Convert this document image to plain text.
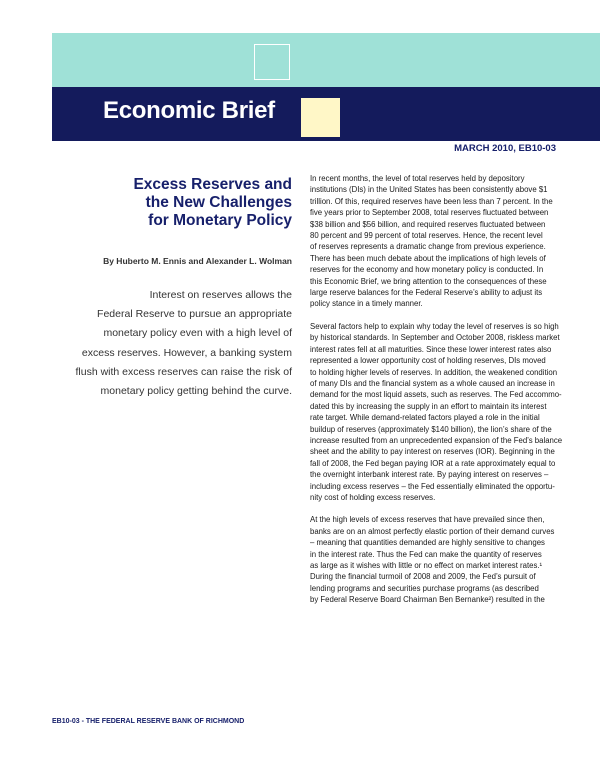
Economic Brief
MARCH 2010, EB10-03
Excess Reserves and
the New Challenges
for Monetary Policy
By Huberto M. Ennis and Alexander L. Wolman
Interest on reserves allows the
Federal Reserve to pursue an appropriate
monetary policy even with a high level of
excess reserves. However, a banking system
flush with excess reserves can raise the risk of
monetary policy getting behind the curve.
In recent months, the level of total reserves held by depository
institutions (DIs) in the United States has been consistently above $1
trillion. Of this, required reserves have been less than 7 percent. In the
five years prior to September 2008, total reserves fluctuated between
$38 billion and $56 billion, and required reserves fluctuated between
80 percent and 99 percent of total reserves. Hence, the recent level
of reserves represents a dramatic change from previous experience.
There has been much debate about the implications of high levels of
reserves for the economy and how monetary policy is conducted. In
this Economic Brief, we bring attention to the consequences of these
large reserve balances for the Federal Reserve’s ability to adjust its
policy stance in a timely manner.
Several factors help to explain why today the level of reserves is so high
by historical standards. In September and October 2008, riskless market
interest rates fell at all maturities. Since these lower interest rates also
represented a lower opportunity cost of holding reserves, DIs moved
to holding higher levels of reserves. In addition, the weakened condition
of many DIs and the financial system as a whole caused an increase in
demand for the most liquid assets, such as reserves. The Fed accommo-
dated this by increasing the supply in an effort to maintain its interest
rate target. While demand-related factors played a role in the initial
buildup of reserves (approximately $140 billion), the lion’s share of the
increase resulted from an unprecedented expansion of the Fed’s balance
sheet and the ability to pay interest on reserves (IOR). Beginning in the
fall of 2008, the Fed began paying IOR at a rate approximately equal to
the overnight interbank interest rate. By paying interest on reserves –
including excess reserves – the Fed essentially eliminated the opportu-
nity cost of holding excess reserves.
At the high levels of excess reserves that have prevailed since then,
banks are on an almost perfectly elastic portion of their demand curves
– meaning that quantities demanded are highly sensitive to changes
in the interest rate. Thus the Fed can make the quantity of reserves
as large as it wishes with little or no effect on market interest rates.¹
During the financial turmoil of 2008 and 2009, the Fed’s pursuit of
lending programs and securities purchase programs (as described
by Federal Reserve Board Chairman Ben Bernanke²) resulted in the
EB10-03 - THE FEDERAL RESERVE BANK OF RICHMOND
